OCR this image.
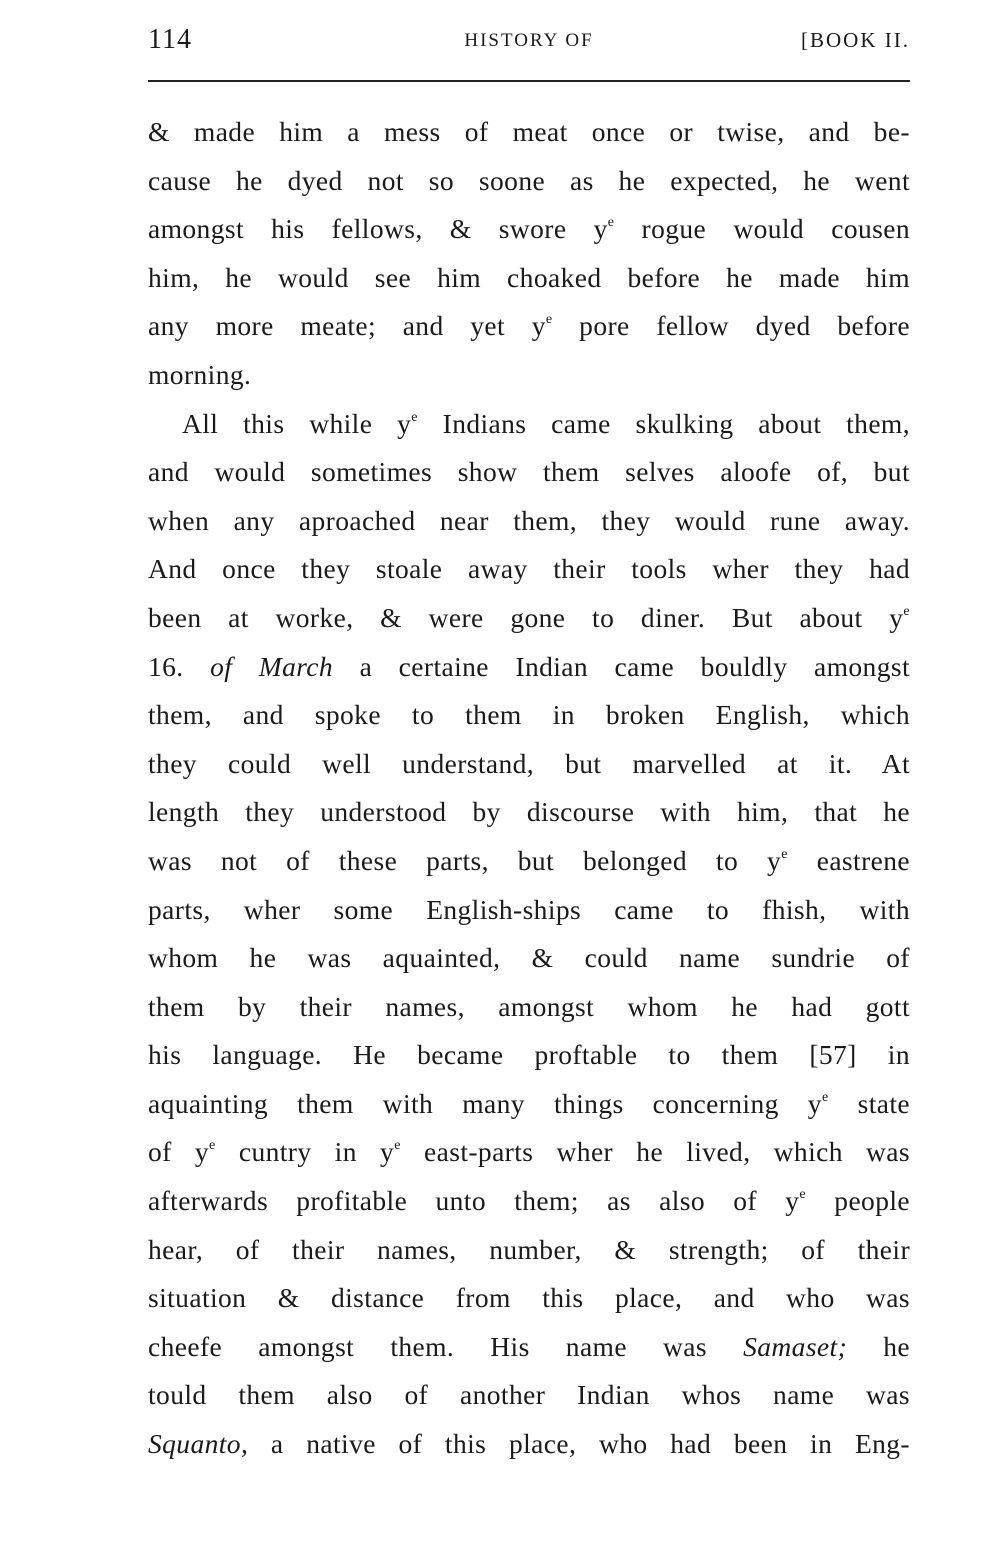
114	HISTORY OF	[BOOK II.
& made him a mess of meat once or twise, and be-
cause he dyed not so soone as he expected, he went
amongst his fellows, & swore $y^e$ rogue would cousen
him, he would see him choaked before he made him
any more meate; and yet $y^e$ pore fellow dyed before
morning.
All this while $y^e$ Indians came skulking about them,
and would sometimes show them selves aloofe of, but
when any aproached near them, they would rune away.
And once they stoale away their tools wher they had
been at worke, & were gone to diner. But about $y^e$
16. of March a certaine Indian came bouldly amongst
them, and spoke to them in broken English, which
they could well understand, but marvelled at it. At
length they understood by discourse with him, that he
was not of these parts, but belonged to $y^e$ eastrene
parts, wher some English-ships came to fhish, with
whom he was aquainted, & could name sundrie of
them by their names, amongst whom he had gott
his language. He became proftable to them [57] in
aquainting them with many things concerning $y^e$ state
of $y^e$ cuntry in $y^e$ east-parts wher he lived, which was
afterwards profitable unto them; as also of $y^e$ people
hear, of their names, number, & strength; of their
situation & distance from this place, and who was
cheefe amongst them. His name was Samaset; he
tould them also of another Indian whos name was
Squanto, a native of this place, who had been in Eng-
